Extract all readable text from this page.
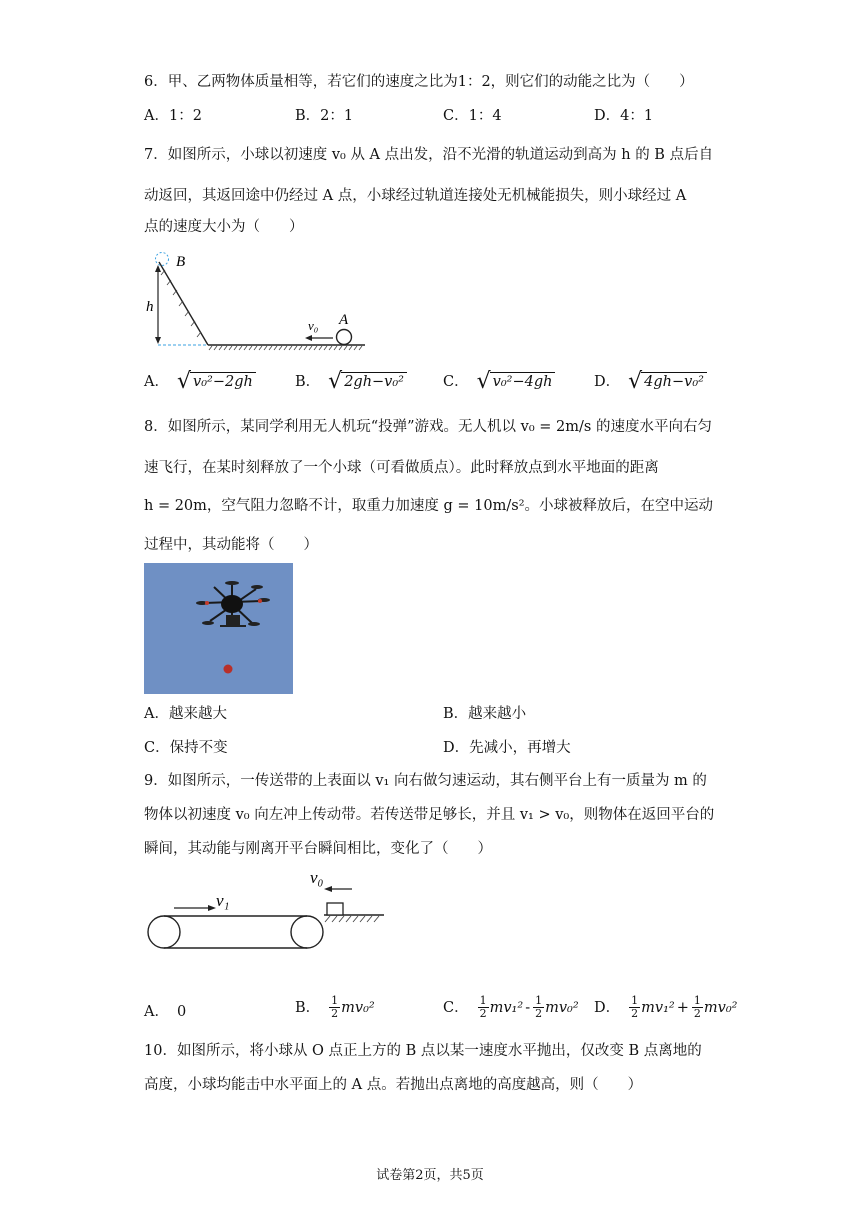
6．甲、乙两物体质量相等，若它们的速度之比为1：2，则它们的动能之比为（　　）
A．1：2	B．2：1	C．1：4	D．4：1
7．如图所示，小球以初速度 v₀ 从 A 点出发，沿不光滑的轨道运动到高为 h 的 B 点后自
动返回，其返回途中仍经过 A 点，小球经过轨道连接处无机械能损失，则小球经过 A
点的速度大小为（　　）
B
h
v₀ A
A． √ v₀²−2gh	B． √ 2gh−v₀²	C． √ v₀²−4gh	D． √ 4gh−v₀²
8．如图所示，某同学利用无人机玩“投弹”游戏。无人机以 v₀ = 2m/s 的速度水平向右匀
速飞行，在某时刻释放了一个小球（可看做质点）。此时释放点到水平地面的距离
h = 20m，空气阻力忽略不计，取重力加速度 g = 10m/s²。小球被释放后，在空中运动
过程中，其动能将（　　）
A．越来越大	B．越来越小
C．保持不变	D．先减小，再增大
9．如图所示，一传送带的上表面以 v₁ 向右做匀速运动，其右侧平台上有一质量为 m 的
物体以初速度 v₀ 向左冲上传动带。若传送带足够长，并且 v₁ > v₀，则物体在返回平台的
瞬间，其动能与刚离开平台瞬间相比，变化了（　　）
v₀
v₁
A． 0	B． $\frac{1}{2} mv_0^2$	C． $\frac{1}{2} mv_1^2 - \frac{1}{2} mv_0^2$ D． $\frac{1}{2} mv_1^2 + \frac{1}{2} mv_0^2$
10．如图所示，将小球从 O 点正上方的 B 点以某一速度水平抛出，仅改变 B 点离地的
高度，小球均能击中水平面上的 A 点。若抛出点离地的高度越高，则（　　）
试卷第2页，共5页
